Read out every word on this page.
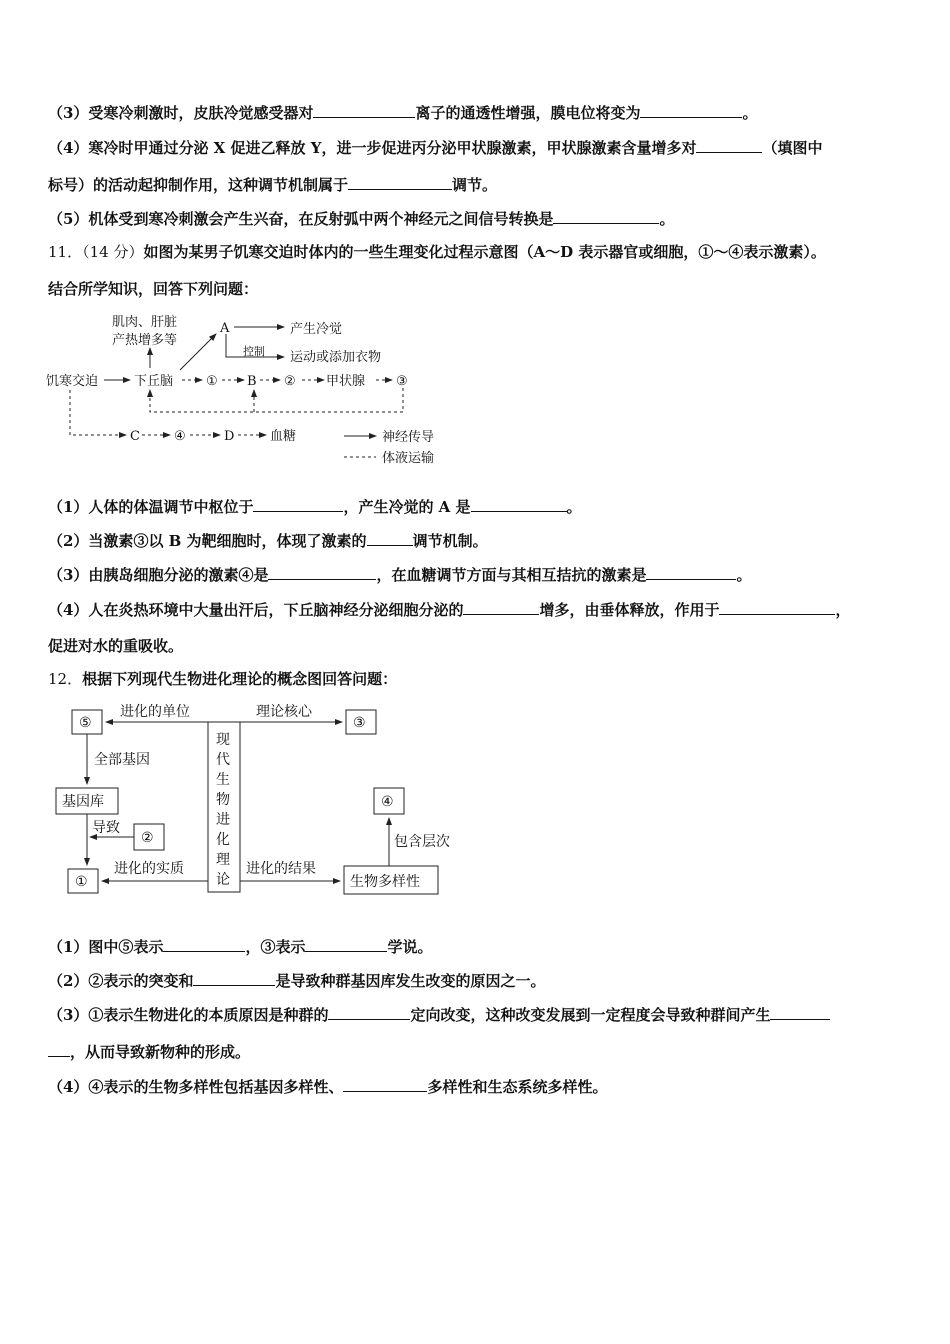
（3）受寒冷刺激时，皮肤冷觉感受器对	离子的通透性增强，膜电位将变为	。
（4）寒冷时甲通过分泌 X 促进乙释放 Y，进一步促进丙分泌甲状腺激素，甲状腺激素含量增多对	（填图中
标号）的活动起抑制作用，这种调节机制属于	调节。
（5）机体受到寒冷刺激会产生兴奋，在反射弧中两个神经元之间信号转换是	。
11．（14 分）如图为某男子饥寒交迫时体内的一些生理变化过程示意图（A～D 表示器官或细胞，①～④表示激素）。
结合所学知识，回答下列问题：
肌肉、肝脏
产热增多等
A	产生冷觉
控制 运动或添加衣物
饥寒交迫	下丘脑	① B ② 甲状腺 ③
C	④	D	血糖	神经传导
体液运输
（1）人体的体温调节中枢位于	，产生冷觉的 A 是	。
（2）当激素③以 B 为靶细胞时，体现了激素的	调节机制。
（3）由胰岛细胞分泌的激素④是	，在血糖调节方面与其相互拮抗的激素是	。
（4）人在炎热环境中大量出汗后，下丘脑神经分泌细胞分泌的	增多，由垂体释放，作用于	，
促进对水的重吸收。
12．根据下列现代生物进化理论的概念图回答问题：
⑤
进化的单位	理论核心
③
全部基因
基因库
导致
②
进化的实质
①
现
代
生
物
进
化
理
论
进化的结果
生物多样性
包含层次
④
（1）图中⑤表示	，③表示	学说。
（2）②表示的突变和	是导致种群基因库发生改变的原因之一。
（3）①表示生物进化的本质原因是种群的	定向改变，这种改变发展到一定程度会导致种群间产生
，从而导致新物种的形成。
（4）④表示的生物多样性包括基因多样性、	多样性和生态系统多样性。
